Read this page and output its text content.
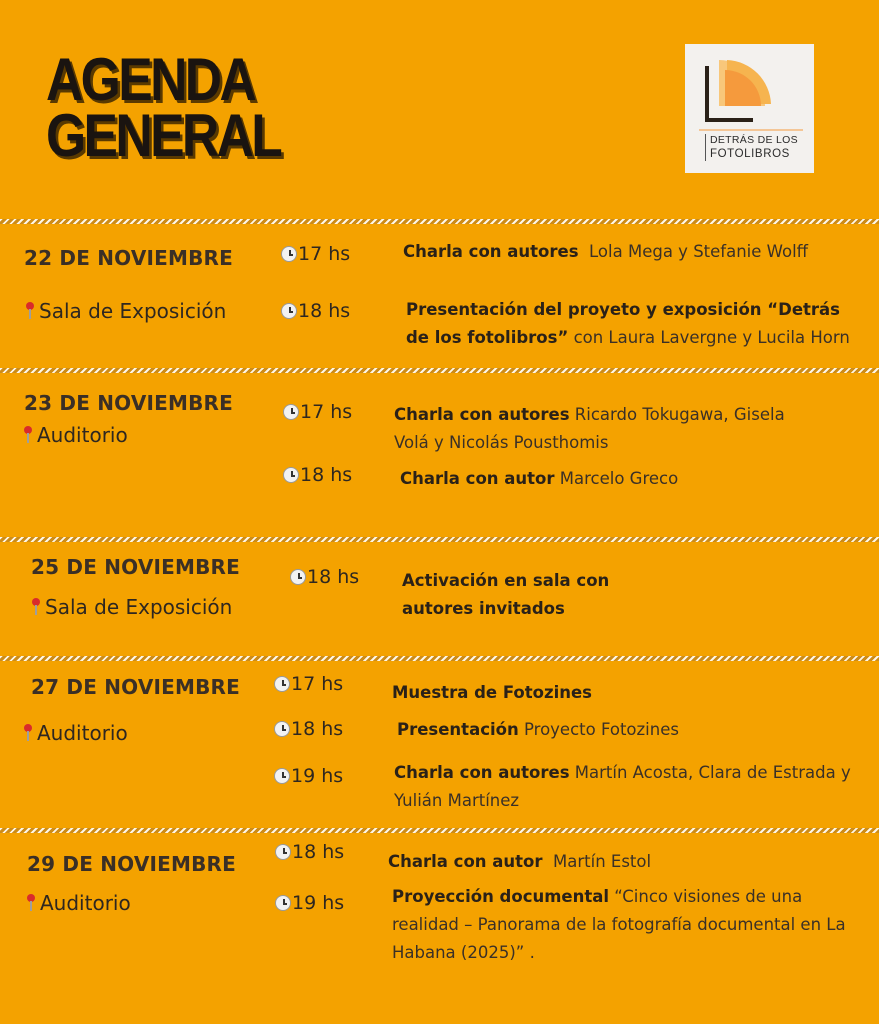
AGENDA
GENERAL	DETRÁS DE LOS
FOTOLIBROS
22 DE NOVIEMBRE
Sala de Exposición
17 hs	Charla con autores Lola Mega y Stefanie Wolff
18 hs	Presentación del proyeto y exposición “Detrás de los fotolibros” con Laura Lavergne y Lucila Horn
23 DE NOVIEMBRE
Auditorio
17 hs	Charla con autores Ricardo Tokugawa, Gisela Volá y Nicolás Pousthomis
18 hs	Charla con autor Marcelo Greco
25 DE NOVIEMBRE
Sala de Exposición
18 hs	Activación en sala con autores invitados
27 DE NOVIEMBRE
Auditorio
17 hs	Muestra de Fotozines
18 hs	Presentación Proyecto Fotozines
19 hs	Charla con autores Martín Acosta, Clara de Estrada y Yulián Martínez
29 DE NOVIEMBRE
Auditorio
18 hs	Charla con autor Martín Estol
19 hs	Proyección documental “Cinco visiones de una realidad – Panorama de la fotografía documental en La Habana (2025)” .
